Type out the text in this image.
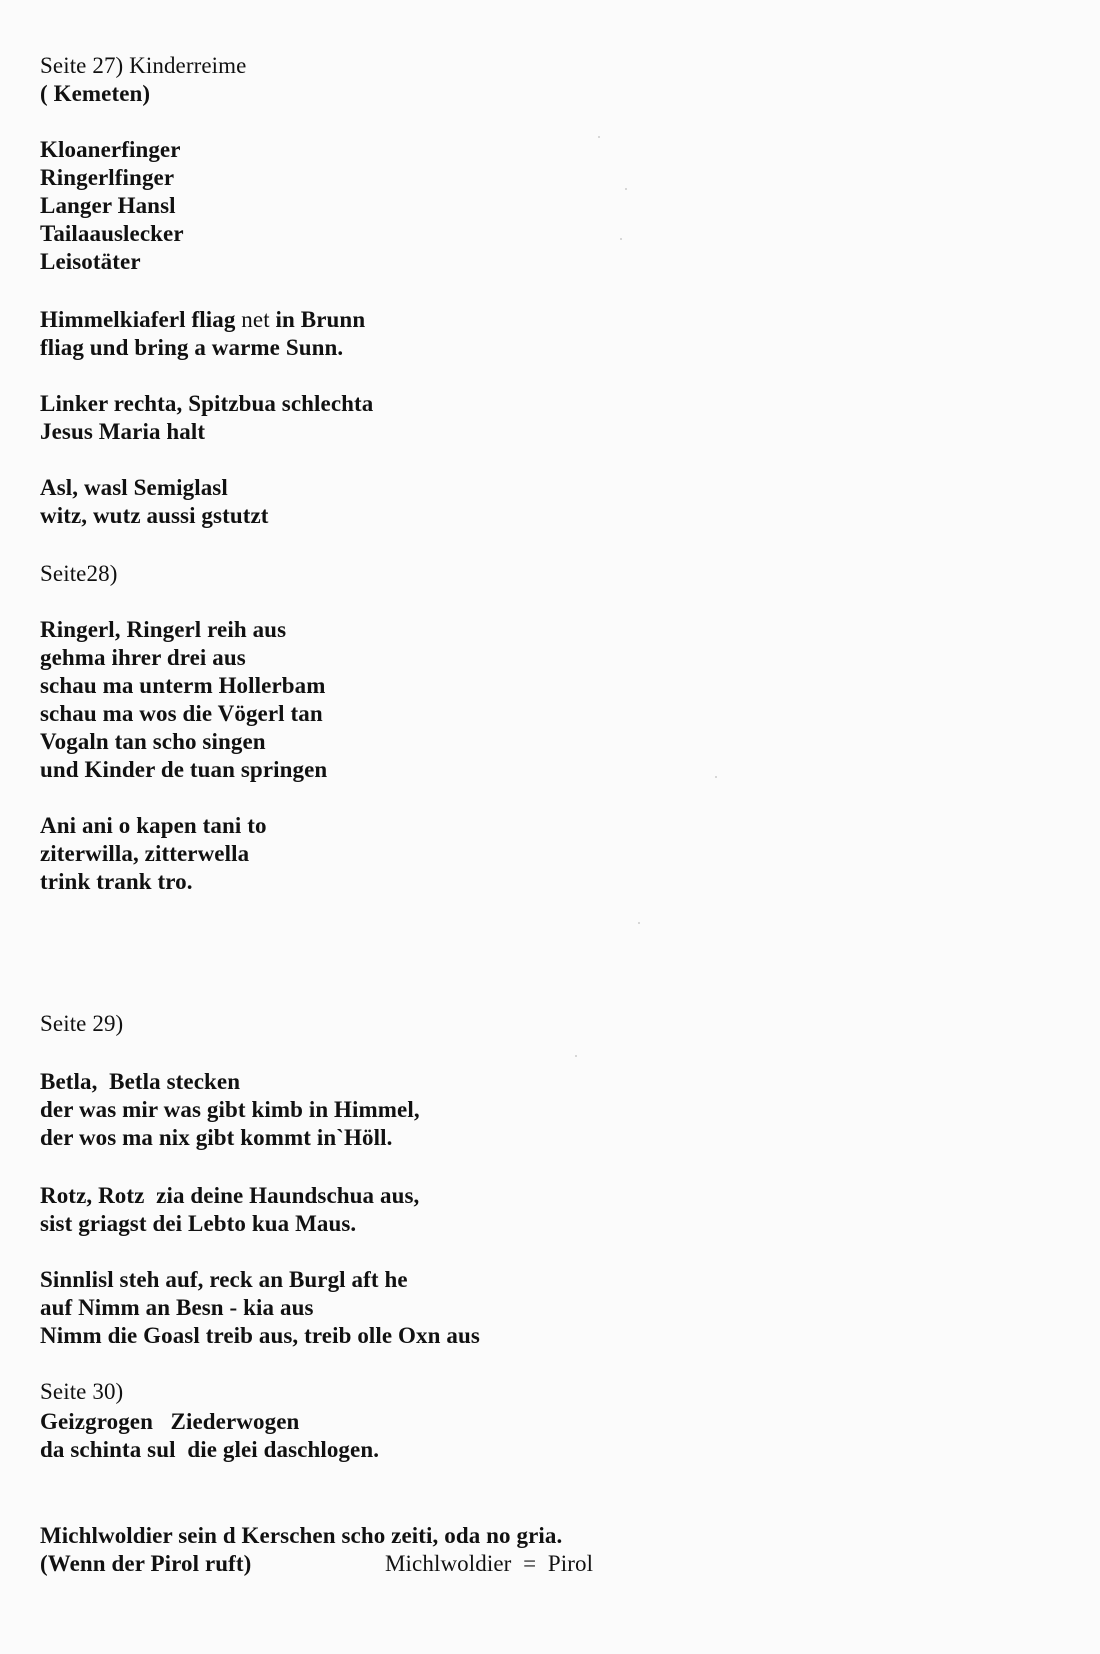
Seite 27) Kinderreime
( Kemeten)
Kloanerfinger
Ringerlfinger
Langer Hansl
Tailaauslecker
Leisotäter
Himmelkiaferl fliag net in Brunn
fliag und bring a warme Sunn.
Linker rechta, Spitzbua schlechta
Jesus Maria halt
Asl, wasl Semiglasl
witz, wutz aussi gstutzt
Seite28)
Ringerl, Ringerl reih aus
gehma ihrer drei aus
schau ma unterm Hollerbam
schau ma wos die Vögerl tan
Vogaln tan scho singen
und Kinder de tuan springen
Ani ani o kapen tani to
ziterwilla, zitterwella
trink trank tro.
Seite 29)
Betla,  Betla stecken
der was mir was gibt kimb in Himmel,
der wos ma nix gibt kommt in`Höll.
Rotz, Rotz  zia deine Haundschua aus,
sist griagst dei Lebto kua Maus.
Sinnlisl steh auf, reck an Burgl aft he
auf Nimm an Besn - kia aus
Nimm die Goasl treib aus, treib olle Oxn aus
Seite 30)
Geizgrogen   Ziederwogen
da schinta sul  die glei daschlogen.
Michlwoldier sein d Kerschen scho zeiti, oda no gria.
(Wenn der Pirol ruft)	Michlwoldier  =  Pirol
